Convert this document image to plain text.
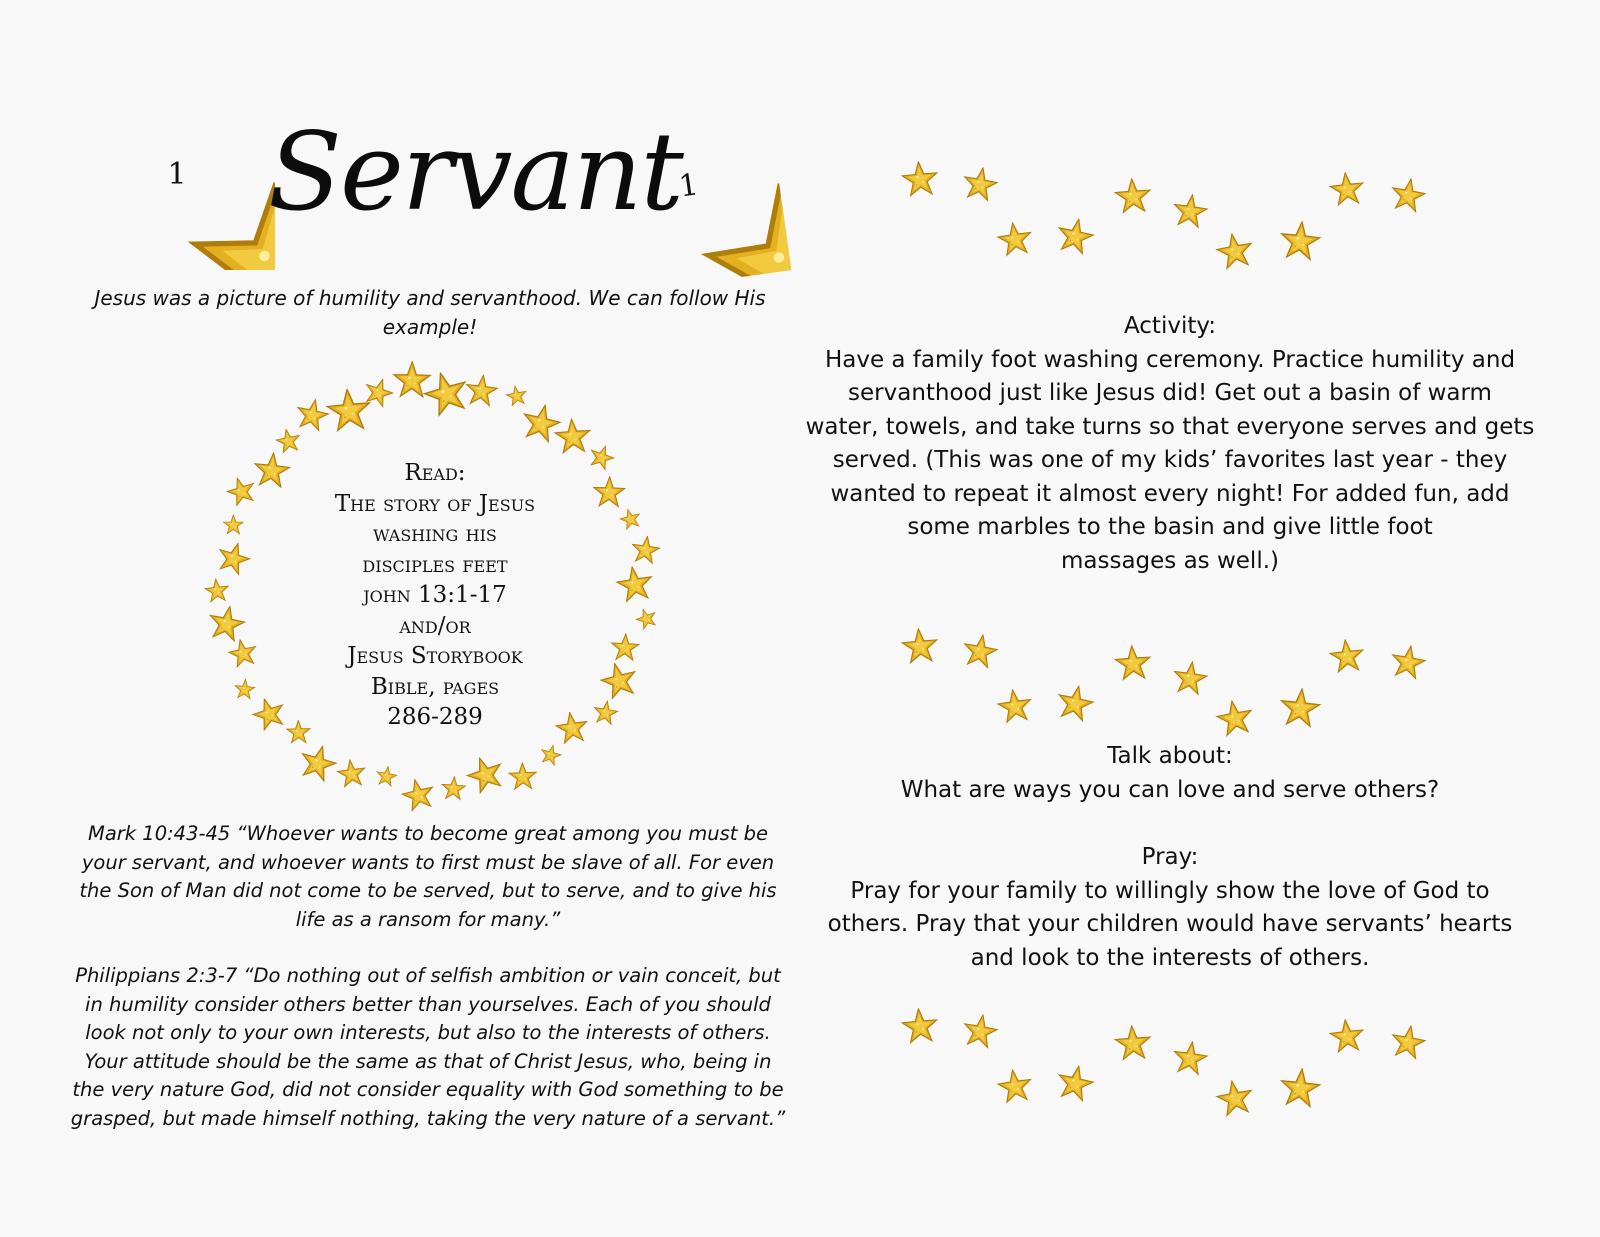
1	1
Servant
Jesus was a picture of humility and servanthood. We can follow His
example!
Read:
The story of Jesus
washing his
disciples feet
john 13:1-17
and/or
Jesus Storybook
Bible, pages
286-289
Mark 10:43-45 “Whoever wants to become great among you must be
your servant, and whoever wants to first must be slave of all. For even
the Son of Man did not come to be served, but to serve, and to give his
life as a ransom for many.”
Philippians 2:3-7 “Do nothing out of selfish ambition or vain conceit, but
in humility consider others better than yourselves. Each of you should
look not only to your own interests, but also to the interests of others.
Your attitude should be the same as that of Christ Jesus, who, being in
the very nature God, did not consider equality with God something to be
grasped, but made himself nothing, taking the very nature of a servant.”
Activity:
Have a family foot washing ceremony. Practice humility and
servanthood just like Jesus did! Get out a basin of warm
water, towels, and take turns so that everyone serves and gets
served. (This was one of my kids’ favorites last year - they
wanted to repeat it almost every night! For added fun, add
some marbles to the basin and give little foot
massages as well.)
Talk about:
What are ways you can love and serve others?
Pray:
Pray for your family to willingly show the love of God to
others. Pray that your children would have servants’ hearts
and look to the interests of others.
